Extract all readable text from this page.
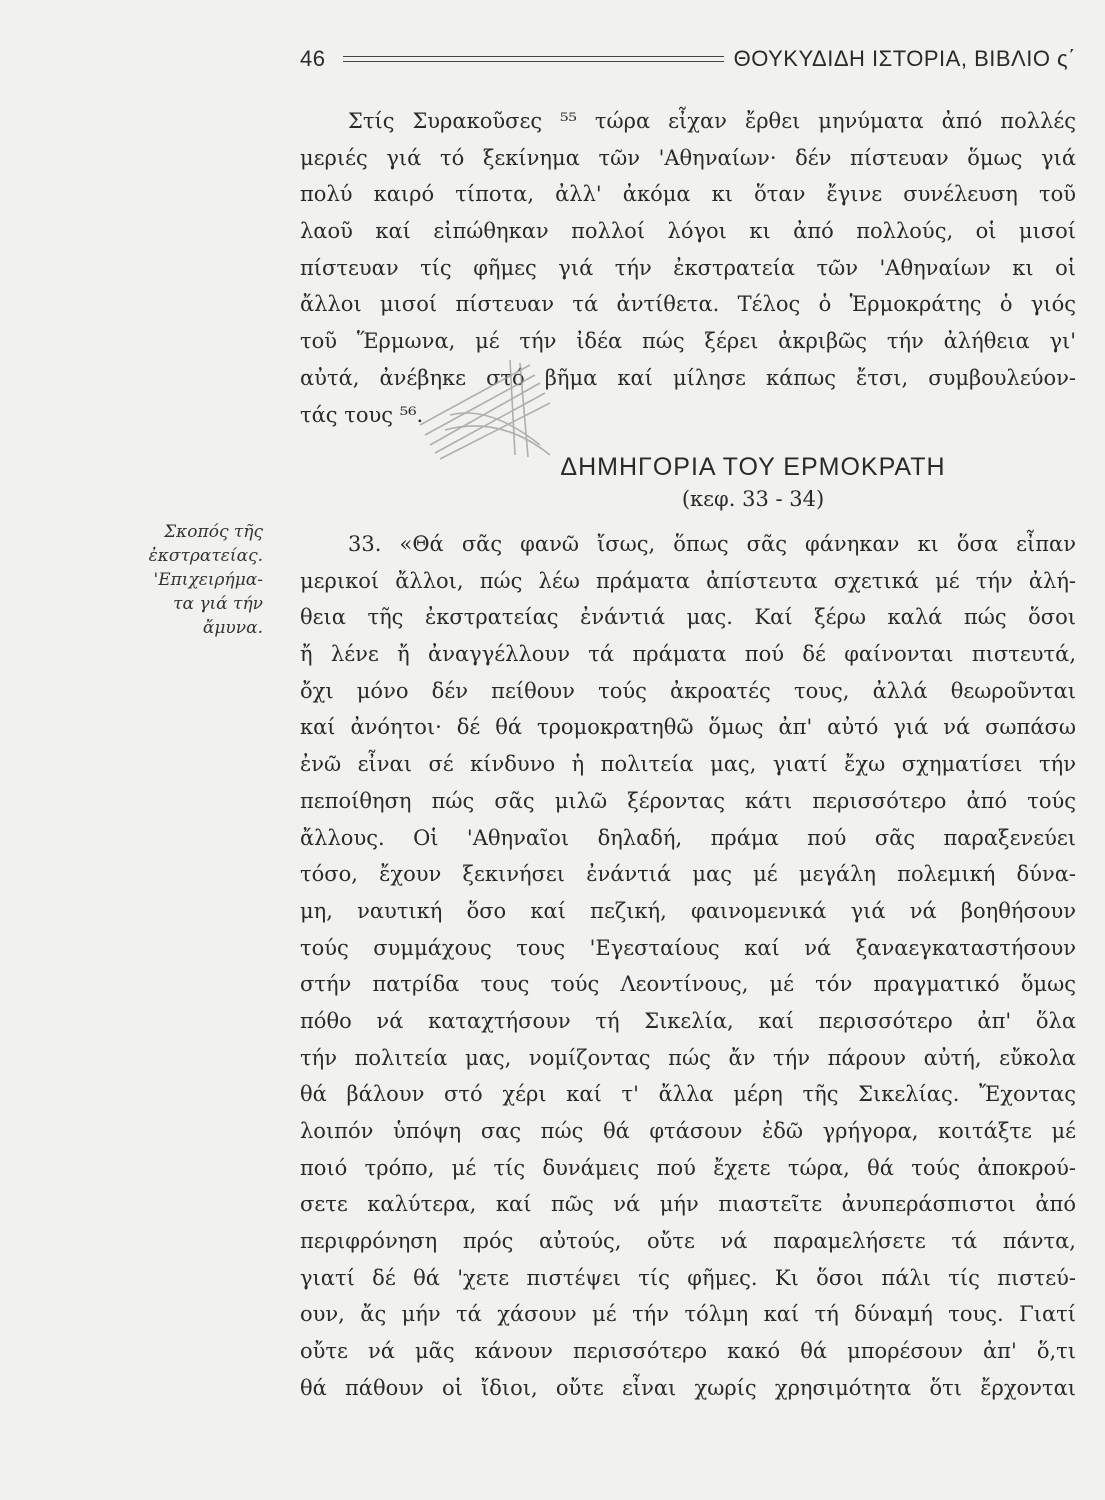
46	ΘΟΥΚΥΔΙΔΗ ΙΣΤΟΡΙΑ, ΒΙΒΛΙΟ ς΄
Στίς Συρακοῦσες ⁵⁵ τώρα εἶχαν ἔρθει μηνύματα ἀπό πολλές
μεριές γιά τό ξεκίνημα τῶν 'Αθηναίων· δέν πίστευαν ὅμως γιά
πολύ καιρό τίποτα, ἀλλ' ἀκόμα κι ὅταν ἔγινε συνέλευση τοῦ
λαοῦ καί εἰπώθηκαν πολλοί λόγοι κι ἀπό πολλούς, οἱ μισοί
πίστευαν τίς φῆμες γιά τήν ἐκστρατεία τῶν 'Αθηναίων κι οἱ
ἄλλοι μισοί πίστευαν τά ἀντίθετα. Τέλος ὁ Ἑρμοκράτης ὁ γιός
τοῦ Ἕρμωνα, μέ τήν ἰδέα πώς ξέρει ἀκριβῶς τήν ἀλήθεια γι'
αὐτά, ἀνέβηκε στό βῆμα καί μίλησε κάπως ἔτσι, συμβουλεύον-
τάς τους ⁵⁶.
ΔΗΜΗΓΟΡΙΑ ΤΟΥ ΕΡΜΟΚΡΑΤΗ
(κεφ. 33 - 34)
Σκοπός τῆς
ἐκστρατείας.
'Επιχειρήμα-
τα γιά τήν
ἄμυνα.
33. «Θά σᾶς φανῶ ἴσως, ὅπως σᾶς φάνηκαν κι ὅσα εἶπαν
μερικοί ἄλλοι, πώς λέω πράματα ἀπίστευτα σχετικά μέ τήν ἀλή-
θεια τῆς ἐκστρατείας ἐνάντιά μας. Καί ξέρω καλά πώς ὅσοι
ἤ λένε ἤ ἀναγγέλλουν τά πράματα πού δέ φαίνονται πιστευτά,
ὄχι μόνο δέν πείθουν τούς ἀκροατές τους, ἀλλά θεωροῦνται
καί ἀνόητοι· δέ θά τρομοκρατηθῶ ὅμως ἀπ' αὐτό γιά νά σωπάσω
ἐνῶ εἶναι σέ κίνδυνο ἡ πολιτεία μας, γιατί ἔχω σχηματίσει τήν
πεποίθηση πώς σᾶς μιλῶ ξέροντας κάτι περισσότερο ἀπό τούς
ἄλλους. Οἱ 'Αθηναῖοι δηλαδή, πράμα πού σᾶς παραξενεύει
τόσο, ἔχουν ξεκινήσει ἐνάντιά μας μέ μεγάλη πολεμική δύνα-
μη, ναυτική ὅσο καί πεζική, φαινομενικά γιά νά βοηθήσουν
τούς συμμάχους τους 'Εγεσταίους καί νά ξαναεγκαταστήσουν
στήν πατρίδα τους τούς Λεοντίνους, μέ τόν πραγματικό ὅμως
πόθο νά καταχτήσουν τή Σικελία, καί περισσότερο ἀπ' ὅλα
τήν πολιτεία μας, νομίζοντας πώς ἄν τήν πάρουν αὐτή, εὔκολα
θά βάλουν στό χέρι καί τ' ἄλλα μέρη τῆς Σικελίας. Ἔχοντας
λοιπόν ὑπόψη σας πώς θά φτάσουν ἐδῶ γρήγορα, κοιτάξτε μέ
ποιό τρόπο, μέ τίς δυνάμεις πού ἔχετε τώρα, θά τούς ἀποκρού-
σετε καλύτερα, καί πῶς νά μήν πιαστεῖτε ἀνυπεράσπιστοι ἀπό
περιφρόνηση πρός αὐτούς, οὔτε νά παραμελήσετε τά πάντα,
γιατί δέ θά 'χετε πιστέψει τίς φῆμες. Κι ὅσοι πάλι τίς πιστεύ-
ουν, ἄς μήν τά χάσουν μέ τήν τόλμη καί τή δύναμή τους. Γιατί
οὔτε νά μᾶς κάνουν περισσότερο κακό θά μπορέσουν ἀπ' ὅ,τι
θά πάθουν οἱ ἴδιοι, οὔτε εἶναι χωρίς χρησιμότητα ὅτι ἔρχονται
